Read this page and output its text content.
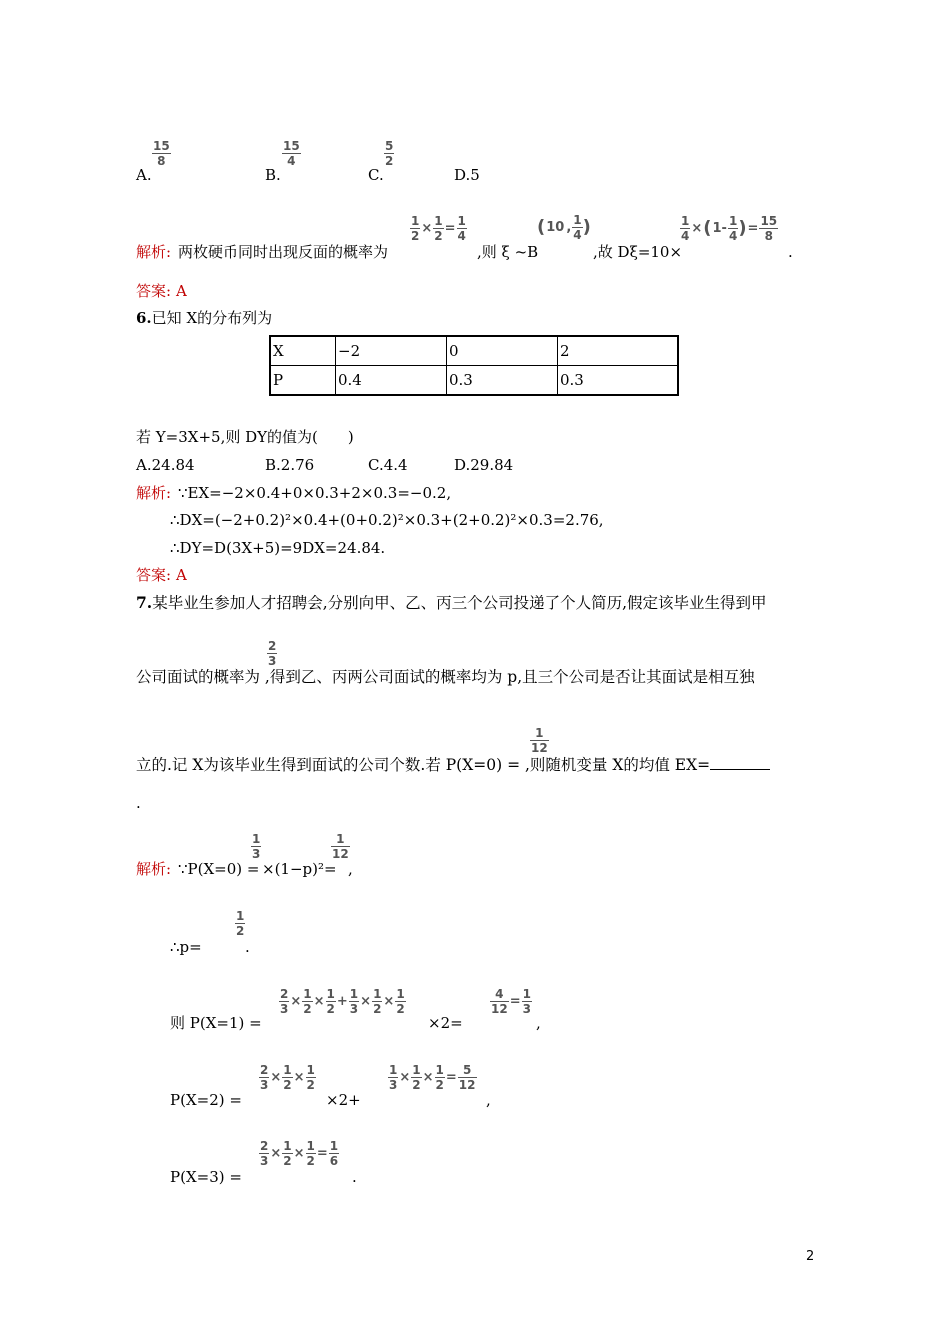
$\frac{15}{8}$
A.
$\frac{15}{4}$
B.
$\frac{5}{2}$
C.	D.5
$\frac{1}{2} \times \frac{1}{2} = \frac{1}{4}$	(10 , $\frac{1}{4}$ )	$\frac{1}{4} \times(1- \frac{1}{4}$ )= $\frac{15}{8}$
解析: 两枚硬币同时出现反面的概率为	,则 ξ ~B	,故 Dξ=10×	.
答案: A
6.已知 X的分布列为
X	−2	0	2
P	0.4	0.3	0.3
若 Y=3X+5,则 DY的值为(　　)
A.24.84	B.2.76	C.4.4	D.29.84
解析: ∵EX=−2×0.4+0×0.3+2×0.3=−0.2,
∴DX=(−2+0.2)²×0.4+(0+0.2)²×0.3+(2+0.2)²×0.3=2.76,
∴DY=D(3X+5)=9DX=24.84.
答案: A
7.某毕业生参加人才招聘会,分别向甲、乙、丙三个公司投递了个人简历,假定该毕业生得到甲
$\frac{2}{3}$
公司面试的概率为 ,得到乙、丙两公司面试的概率均为 p,且三个公司是否让其面试是相互独
$\frac{1}{12}$
立的.记 X为该毕业生得到面试的公司个数.若 P(X=0) = ,则随机变量 X的均值 EX=
.
$\frac{1}{3}$	$\frac{1}{12}$
解析: ∵P(X=0) = ×(1−p)²= ,
$\frac{1}{2}$
∴p=	.
$\frac{2}{3} \times \frac{1}{2} \times \frac{1}{2} + \frac{1}{3} \times \frac{1}{2} \times \frac{1}{2}$	$\frac{4}{12} = \frac{1}{3}$
则 P(X=1) =	×2=	,
$\frac{2}{3} \times \frac{1}{2} \times \frac{1}{2}$	$\frac{1}{3} \times \frac{1}{2} \times \frac{1}{2} = \frac{5}{12}$
P(X=2) =	×2+	,
$\frac{2}{3} \times \frac{1}{2} \times \frac{1}{2} = \frac{1}{6}$
P(X=3) =	.
2
